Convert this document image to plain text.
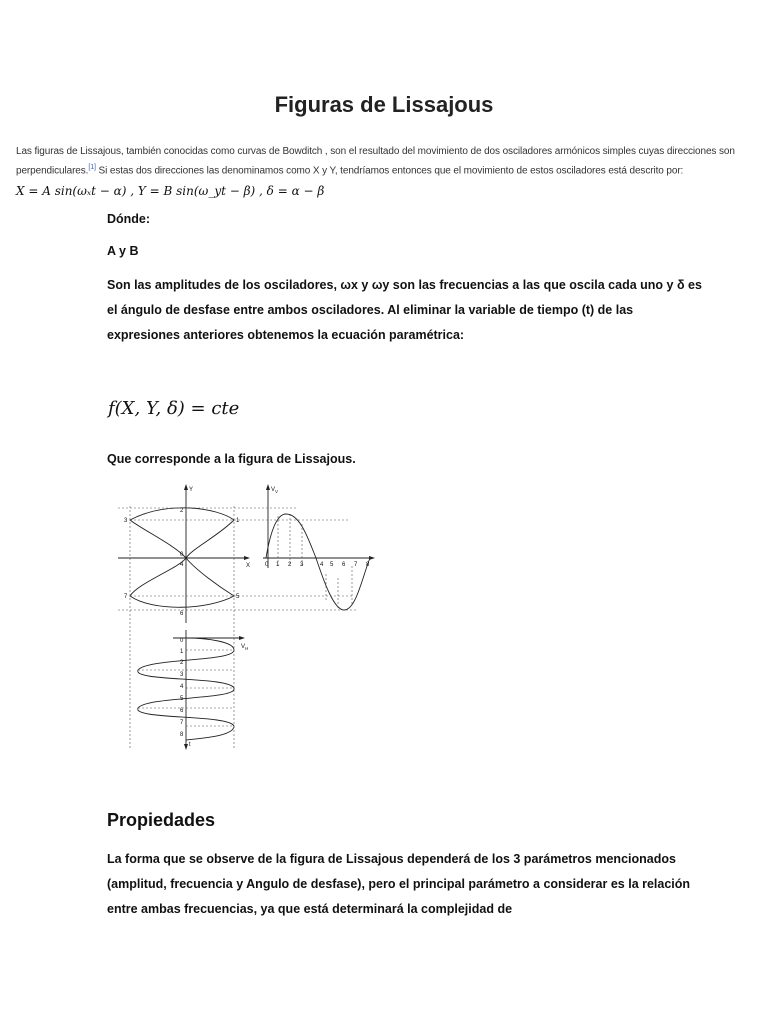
Figuras de Lissajous
Las figuras de Lissajous, también conocidas como curvas de Bowditch , son el resultado del movimiento de dos osciladores armónicos simples cuyas direcciones son perpendiculares.[1] Si estas dos direcciones las denominamos como X y Y, tendríamos entonces que el movimiento de estos osciladores está descrito por:
X = A sin(ωₓt − α) , Y = B sin(ω_yt − β) , δ = α − β
Dónde:
A y B
Son las amplitudes de los osciladores, ωx y ωy son las frecuencias a las que oscila cada uno y δ es el ángulo de desfase entre ambos osciladores. Al eliminar la variable de tiempo (t) de las expresiones anteriores obtenemos la ecuación paramétrica:
f(X, Y, δ) = cte
Que corresponde a la figura de Lissajous.
Y
X
$V_V$
$V_H$
t
2
3
0
4
7	5
6
1
0 1 2 3	4 5 6 7 8
0
1
2
3
4
5
6
7
8
Propiedades
La forma que se observe de la figura de Lissajous dependerá de los 3 parámetros mencionados (amplitud, frecuencia y Angulo de desfase), pero el principal parámetro a considerar es la relación entre ambas frecuencias, ya que está determinará la complejidad de
